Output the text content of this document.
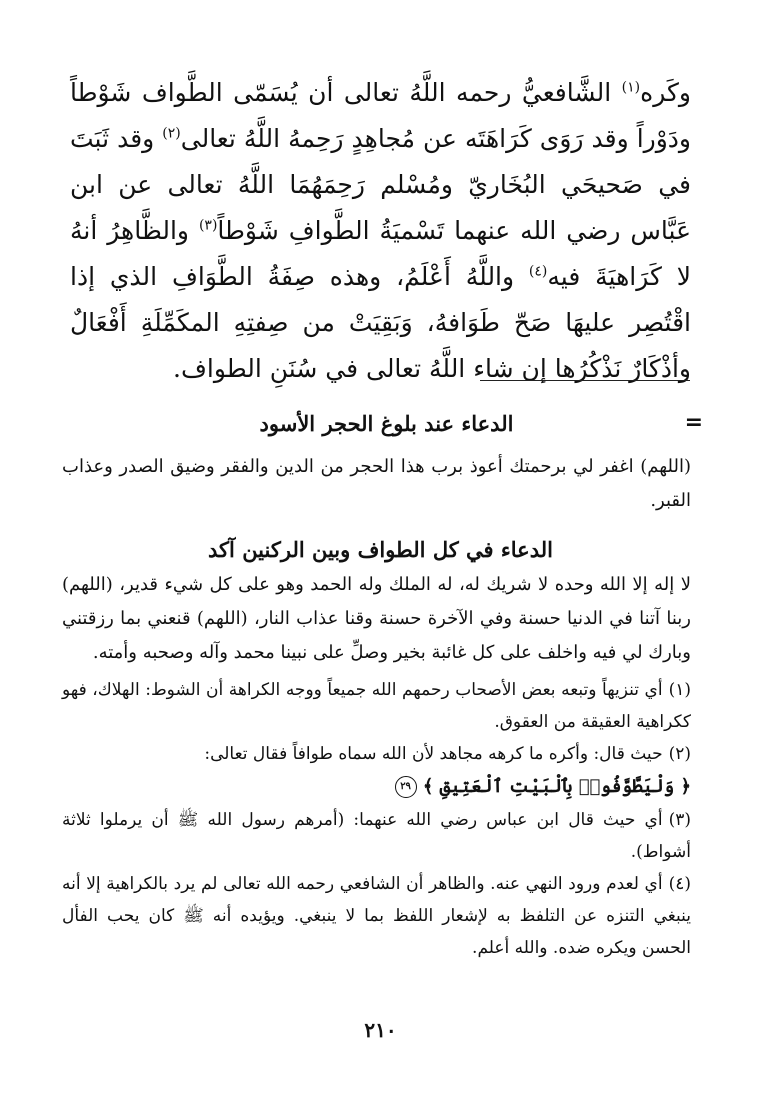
وكَره$^{(١)}$ الشَّافعيُّ رحمه اللَّهُ تعالى أن يُسَمّى الطَّواف شَوْطاً ودَوْراً وقد رَوَى كَرَاهَتَه عن مُجاهِدٍ رَحِمهُ اللَّهُ تعالى$^{(٢)}$ وقد ثَبَتَ في صَحيحَي البُخَاريّ ومُسْلم رَحِمَهُمَا اللَّهُ تعالى عن ابن عَبَّاس رضي الله عنهما تَسْميَةُ الطَّوافِ شَوْطاً$^{(٣)}$ والظَّاهِرُ أنهُ لا كَرَاهيَةَ فيه$^{(٤)}$ واللَّهُ أَعْلَمُ، وهذه صِفَةُ الطَّوَافِ الذي إذا اقْتُصِر عليهَا صَحّ طَوَافهُ، وَبَقِيَتْ من صِفتِهِ المكَمِّلَةِ أَفْعَالٌ وأذْكَارٌ نَذْكُرُها إن شاء اللَّهُ تعالى في سُنَنِ الطواف.

=
الدعاء عند بلوغ الحجر الأسود

(اللهم) اغفر لي برحمتك أعوذ برب هذا الحجر من الدين والفقر وضيق الصدر وعذاب القبر.

الدعاء في كل الطواف وبين الركنين آكد

لا إله إلا الله وحده لا شريك له، له الملك وله الحمد وهو على كل شيء قدير، (اللهم) ربنا آتنا في الدنيا حسنة وفي الآخرة حسنة وقنا عذاب النار، (اللهم) قنعني بما رزقتني وبارك لي فيه واخلف على كل غائبة بخير وصلِّ على نبينا محمد وآله وصحبه وأمته.

(١)أي تنزيهاً وتبعه بعض الأصحاب رحمهم الله جميعاً ووجه الكراهة أن الشوط: الهلاك، فهو ككراهية العقيقة من العقوق.

(٢)حيث قال: وأكره ما كرهه مجاهد لأن الله سماه طوافاً فقال تعالى:

﴿ وَلْيَطَّوَّفُوا۟ بِٱلْبَيْتِ ٱلْعَتِيقِ ﴾ ٢٩

(٣)أي حيث قال ابن عباس رضي الله عنهما: (أمرهم رسول الله ﷺ أن يرملوا ثلاثة أشواط).

(٤)أي لعدم ورود النهي عنه. والظاهر أن الشافعي رحمه الله تعالى لم يرد بالكراهية إلا أنه ينبغي التنزه عن التلفظ به لإشعار اللفظ بما لا ينبغي. ويؤيده أنه ﷺ كان يحب الفأل الحسن ويكره ضده. والله أعلم.

٢١٠
